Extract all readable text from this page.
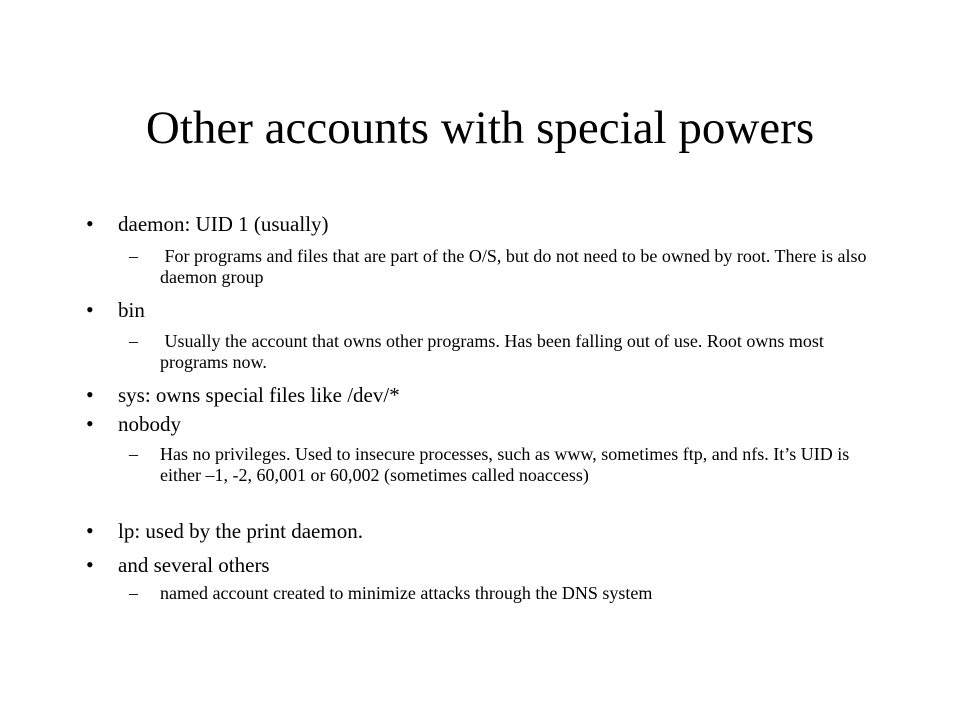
Other accounts with special powers
• daemon: UID 1 (usually)
– For programs and files that are part of the O/S, but do not need to be owned by root. There is also daemon group
• bin
– Usually the account that owns other programs. Has been falling out of use. Root owns most programs now.
• sys: owns special files like /dev/*
• nobody
– Has no privileges. Used to insecure processes, such as www, sometimes ftp, and nfs. It’s UID is either –1, -2, 60,001 or 60,002 (sometimes called noaccess)
• lp: used by the print daemon.
• and several others
– named account created to minimize attacks through the DNS system
